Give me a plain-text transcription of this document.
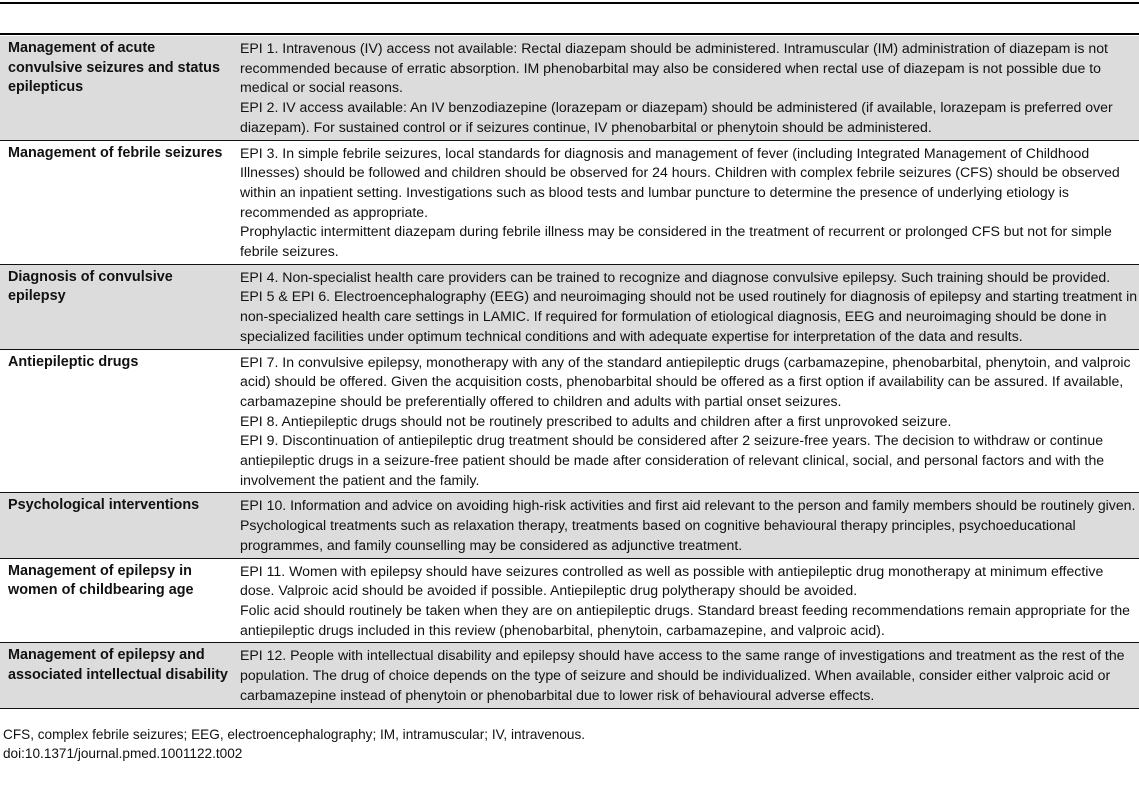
Management of acute convulsive seizures and status epilepticus	EPI 1. Intravenous (IV) access not available: Rectal diazepam should be administered. Intramuscular (IM) administration of diazepam is not recommended because of erratic absorption. IM phenobarbital may also be considered when rectal use of diazepam is not possible due to medical or social reasons.
EPI 2. IV access available: An IV benzodiazepine (lorazepam or diazepam) should be administered (if available, lorazepam is preferred over diazepam). For sustained control or if seizures continue, IV phenobarbital or phenytoin should be administered.

Management of febrile seizures	EPI 3. In simple febrile seizures, local standards for diagnosis and management of fever (including Integrated Management of Childhood Illnesses) should be followed and children should be observed for 24 hours. Children with complex febrile seizures (CFS) should be observed within an inpatient setting. Investigations such as blood tests and lumbar puncture to determine the presence of underlying etiology is recommended as appropriate.
Prophylactic intermittent diazepam during febrile illness may be considered in the treatment of recurrent or prolonged CFS but not for simple febrile seizures.

Diagnosis of convulsive epilepsy	EPI 4. Non-specialist health care providers can be trained to recognize and diagnose convulsive epilepsy. Such training should be provided.
EPI 5 & EPI 6. Electroencephalography (EEG) and neuroimaging should not be used routinely for diagnosis of epilepsy and starting treatment in non-specialized health care settings in LAMIC. If required for formulation of etiological diagnosis, EEG and neuroimaging should be done in specialized facilities under optimum technical conditions and with adequate expertise for interpretation of the data and results.

Antiepileptic drugs	EPI 7. In convulsive epilepsy, monotherapy with any of the standard antiepileptic drugs (carbamazepine, phenobarbital, phenytoin, and valproic acid) should be offered. Given the acquisition costs, phenobarbital should be offered as a first option if availability can be assured. If available, carbamazepine should be preferentially offered to children and adults with partial onset seizures.
EPI 8. Antiepileptic drugs should not be routinely prescribed to adults and children after a first unprovoked seizure.
EPI 9. Discontinuation of antiepileptic drug treatment should be considered after 2 seizure-free years. The decision to withdraw or continue antiepileptic drugs in a seizure-free patient should be made after consideration of relevant clinical, social, and personal factors and with the involvement the patient and the family.

Psychological interventions	EPI 10. Information and advice on avoiding high-risk activities and first aid relevant to the person and family members should be routinely given. Psychological treatments such as relaxation therapy, treatments based on cognitive behavioural therapy principles, psychoeducational programmes, and family counselling may be considered as adjunctive treatment.

Management of epilepsy in women of childbearing age	EPI 11. Women with epilepsy should have seizures controlled as well as possible with antiepileptic drug monotherapy at minimum effective dose. Valproic acid should be avoided if possible. Antiepileptic drug polytherapy should be avoided.
Folic acid should routinely be taken when they are on antiepileptic drugs. Standard breast feeding recommendations remain appropriate for the antiepileptic drugs included in this review (phenobarbital, phenytoin, carbamazepine, and valproic acid).

Management of epilepsy and associated intellectual disability	EPI 12. People with intellectual disability and epilepsy should have access to the same range of investigations and treatment as the rest of the population. The drug of choice depends on the type of seizure and should be individualized. When available, consider either valproic acid or carbamazepine instead of phenytoin or phenobarbital due to lower risk of behavioural adverse effects.
CFS, complex febrile seizures; EEG, electroencephalography; IM, intramuscular; IV, intravenous.
doi:10.1371/journal.pmed.1001122.t002
